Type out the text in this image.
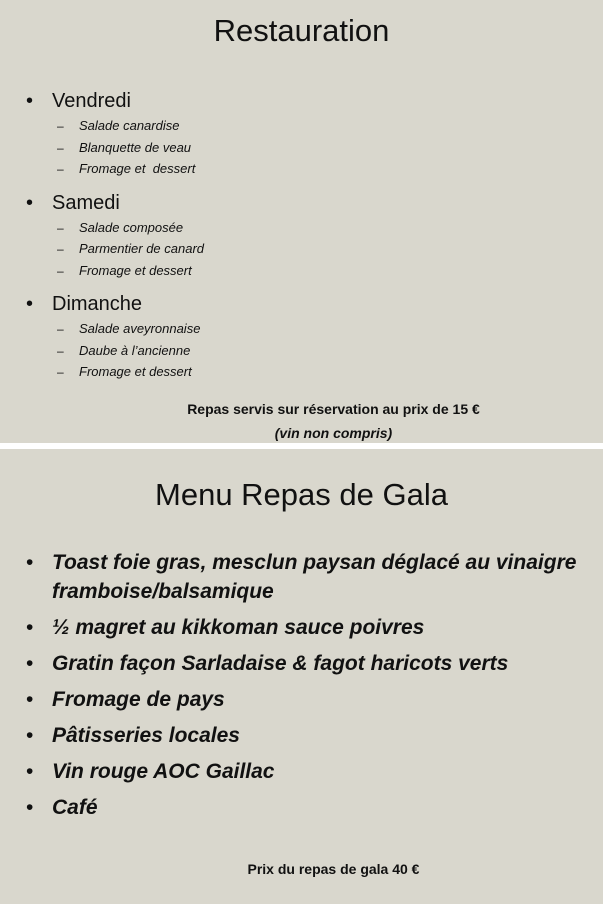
Restauration
• Vendredi
– Salade canardise
– Blanquette de veau
– Fromage et  dessert
• Samedi
– Salade composée
– Parmentier de canard
– Fromage et dessert
• Dimanche
– Salade aveyronnaise
– Daube à l’ancienne
– Fromage et dessert
Repas servis sur réservation au prix de 15 €
(vin non compris)
Menu Repas de Gala
• Toast foie gras, mesclun paysan déglacé au vinaigre framboise/balsamique
• ½ magret au kikkoman sauce poivres
• Gratin façon Sarladaise & fagot haricots verts
• Fromage de pays
• Pâtisseries locales
• Vin rouge AOC Gaillac
• Café
Prix du repas de gala 40 €
